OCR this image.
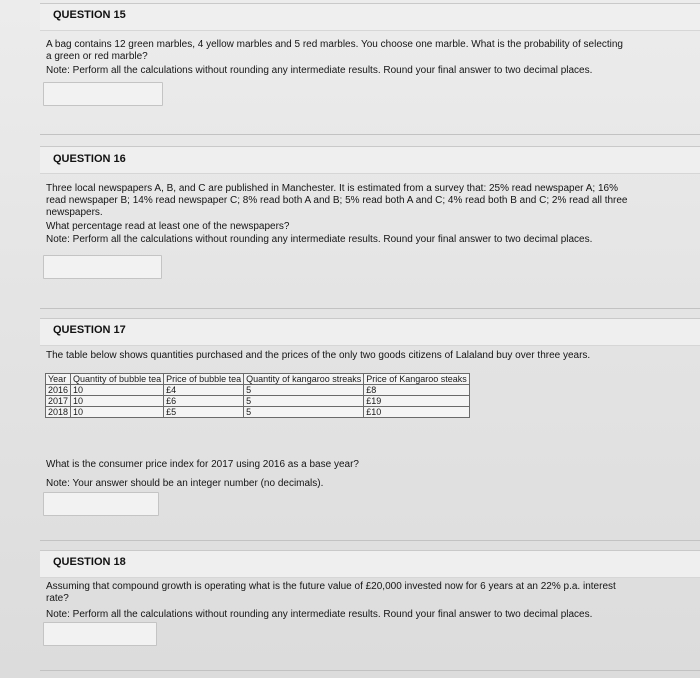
QUESTION 15

A bag contains 12 green marbles, 4 yellow marbles and 5 red marbles. You choose one marble. What is the probability of selecting

a green or red marble?

Note: Perform all the calculations without rounding any intermediate results. Round your final answer to two decimal places.

QUESTION 16

Three local newspapers A, B, and C are published in Manchester. It is estimated from a survey that: 25% read newspaper A; 16%

read newspaper B; 14% read newspaper C; 8% read both A and B; 5% read both A and C; 4% read both B and C; 2% read all three

newspapers.

What percentage read at least one of the newspapers?

Note: Perform all the calculations without rounding any intermediate results. Round your final answer to two decimal places.

QUESTION 17
The table below shows quantities purchased and the prices of the only two goods citizens of Lalaland buy over three years.
Year	Quantity of bubble tea	Price of bubble tea	Quantity of kangaroo streaks	Price of Kangaroo steaks
2016	10	£4	5	£8
2017	10	£6	5	£19
2018	10	£5	5	£10
What is the consumer price index for 2017 using 2016 as a base year?
Note: Your answer should be an integer number (no decimals).
QUESTION 18

Assuming that compound growth is operating what is the future value of £20,000 invested now for 6 years at an 22% p.a. interest

rate?

Note: Perform all the calculations without rounding any intermediate results. Round your final answer to two decimal places.
